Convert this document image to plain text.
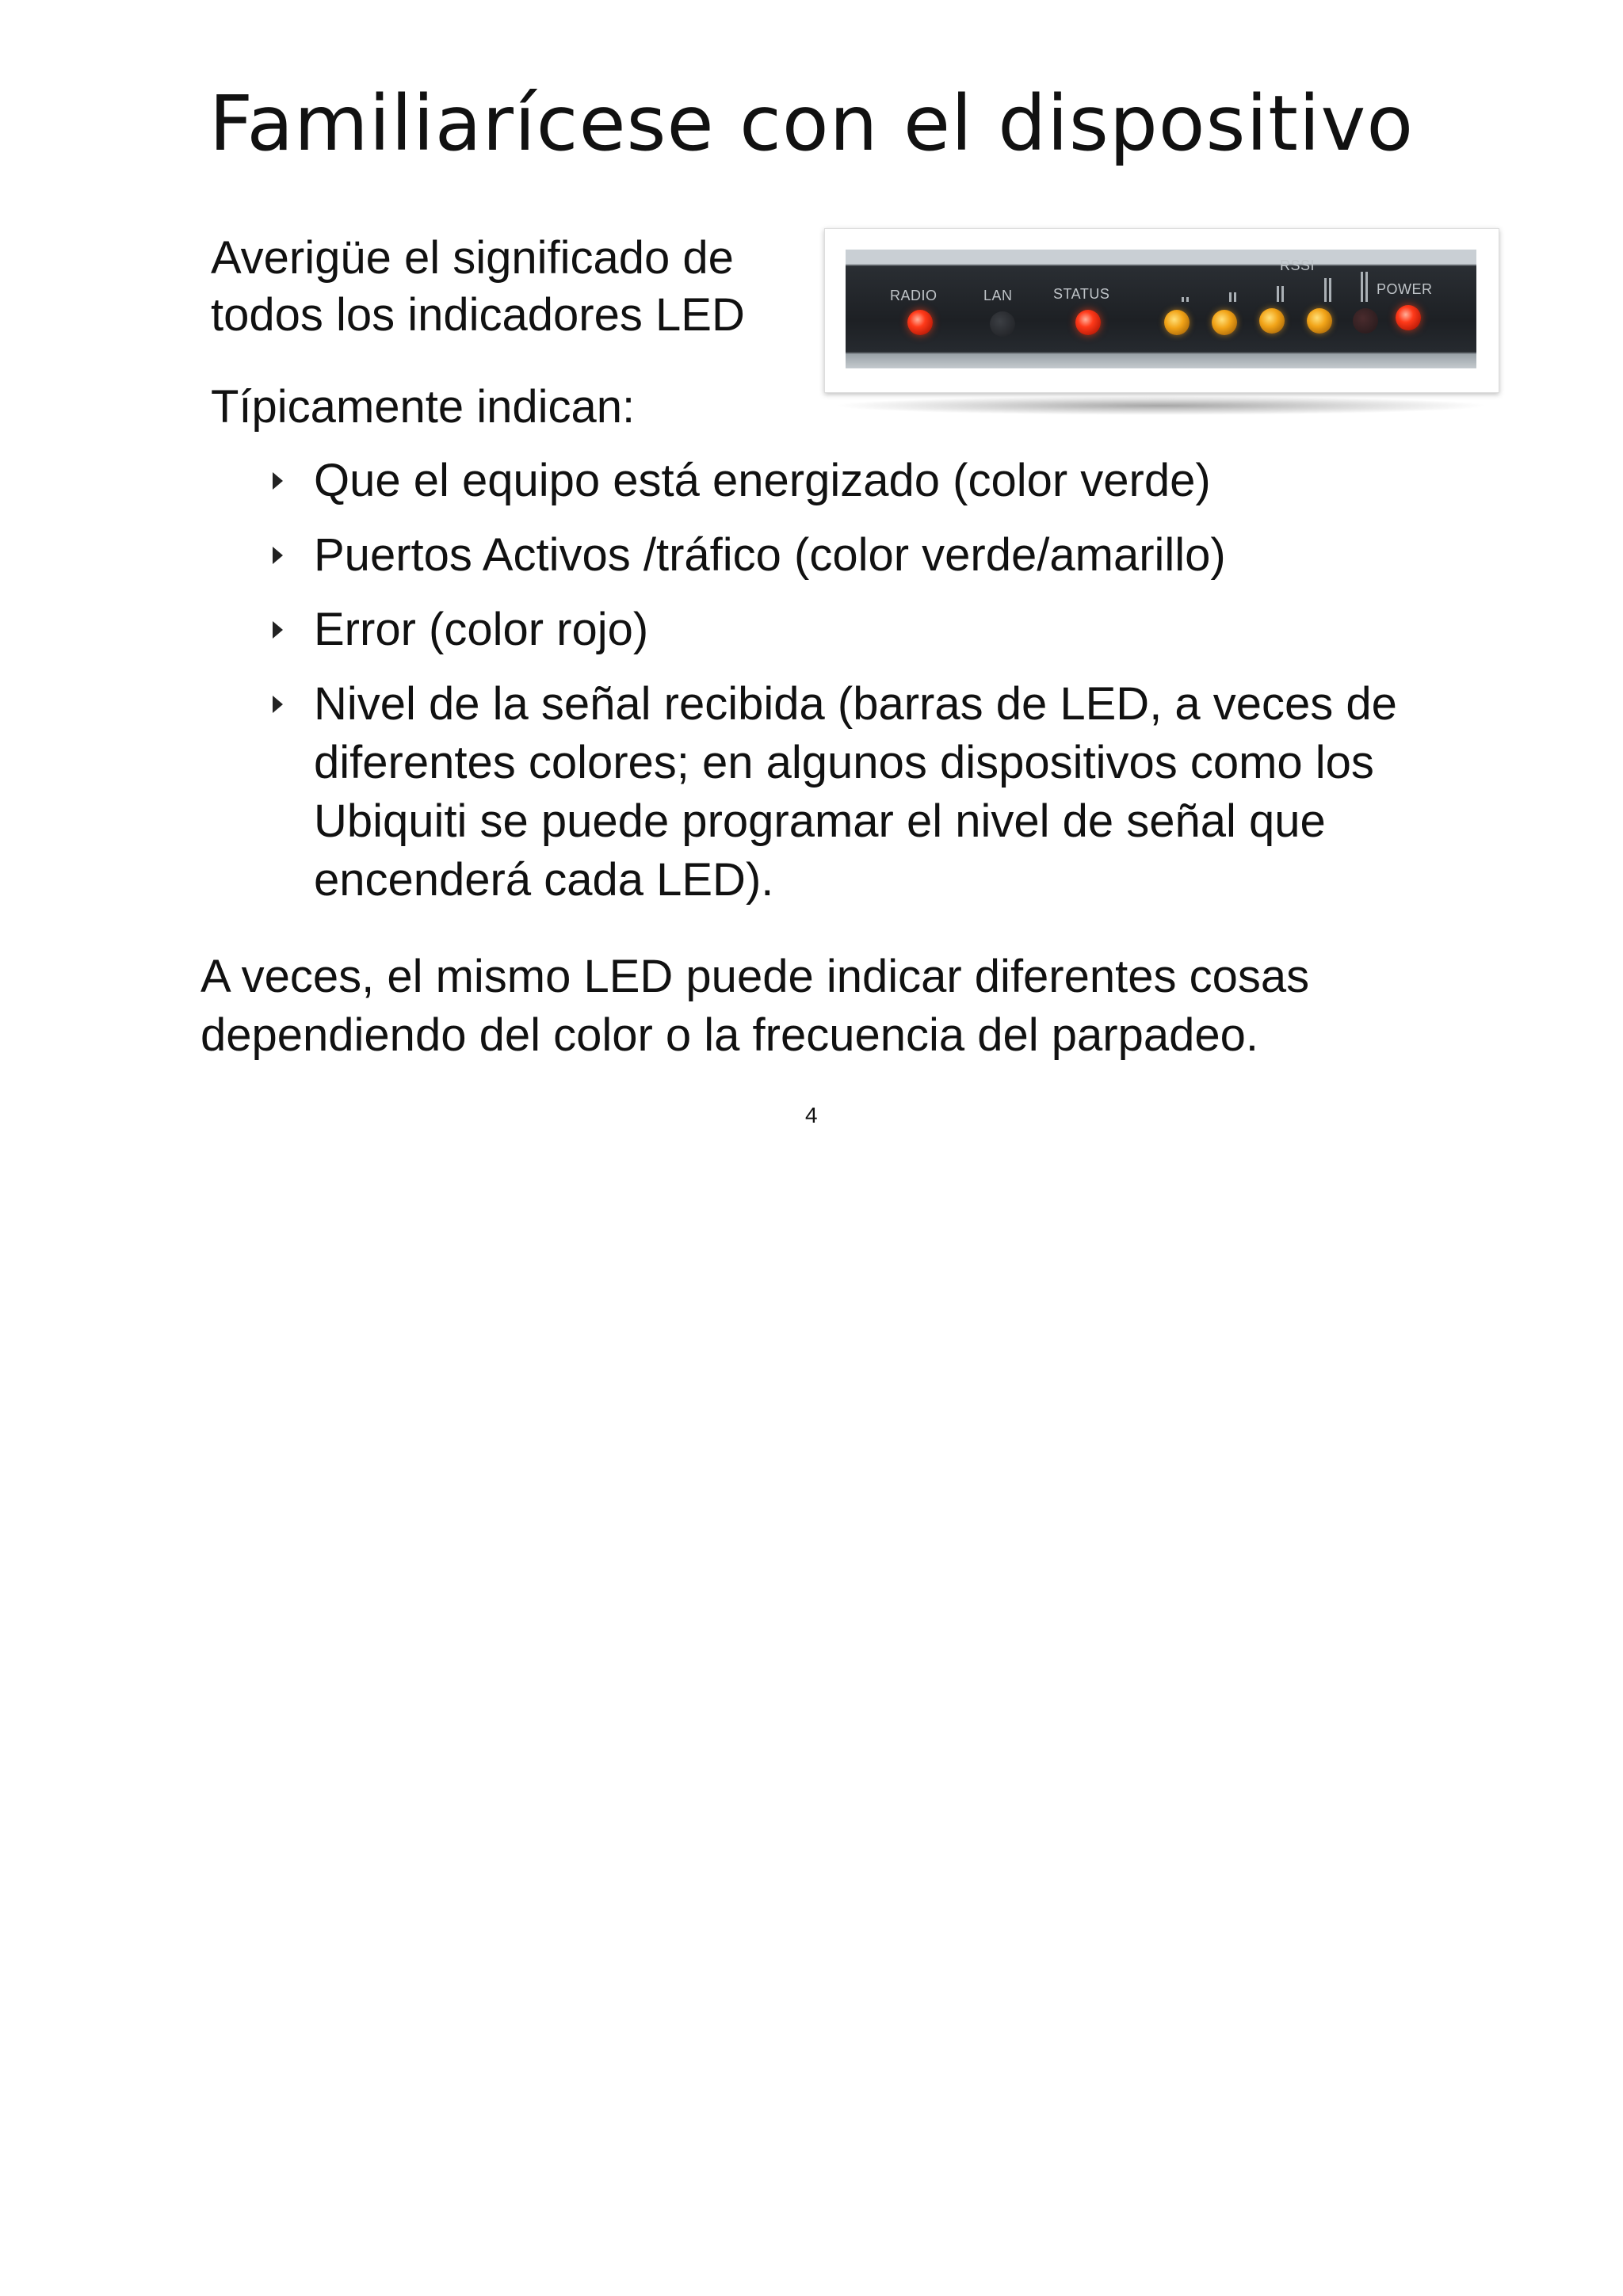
Familiarícese con el dispositivo
Averigüe el significado de todos los indicadores LED	RADIO	LAN	STATUS
RSSI
POWER
Típicamente indican:
Que el equipo está energizado (color verde)
Puertos Activos /tráfico (color verde/amarillo)
Error (color rojo)
Nivel de la señal recibida (barras de LED, a veces de diferentes colores; en algunos dispositivos como los Ubiquiti se puede programar el nivel de señal que encenderá cada LED).
A veces, el mismo LED puede indicar diferentes cosas dependiendo del color o la frecuencia del parpadeo.
4
